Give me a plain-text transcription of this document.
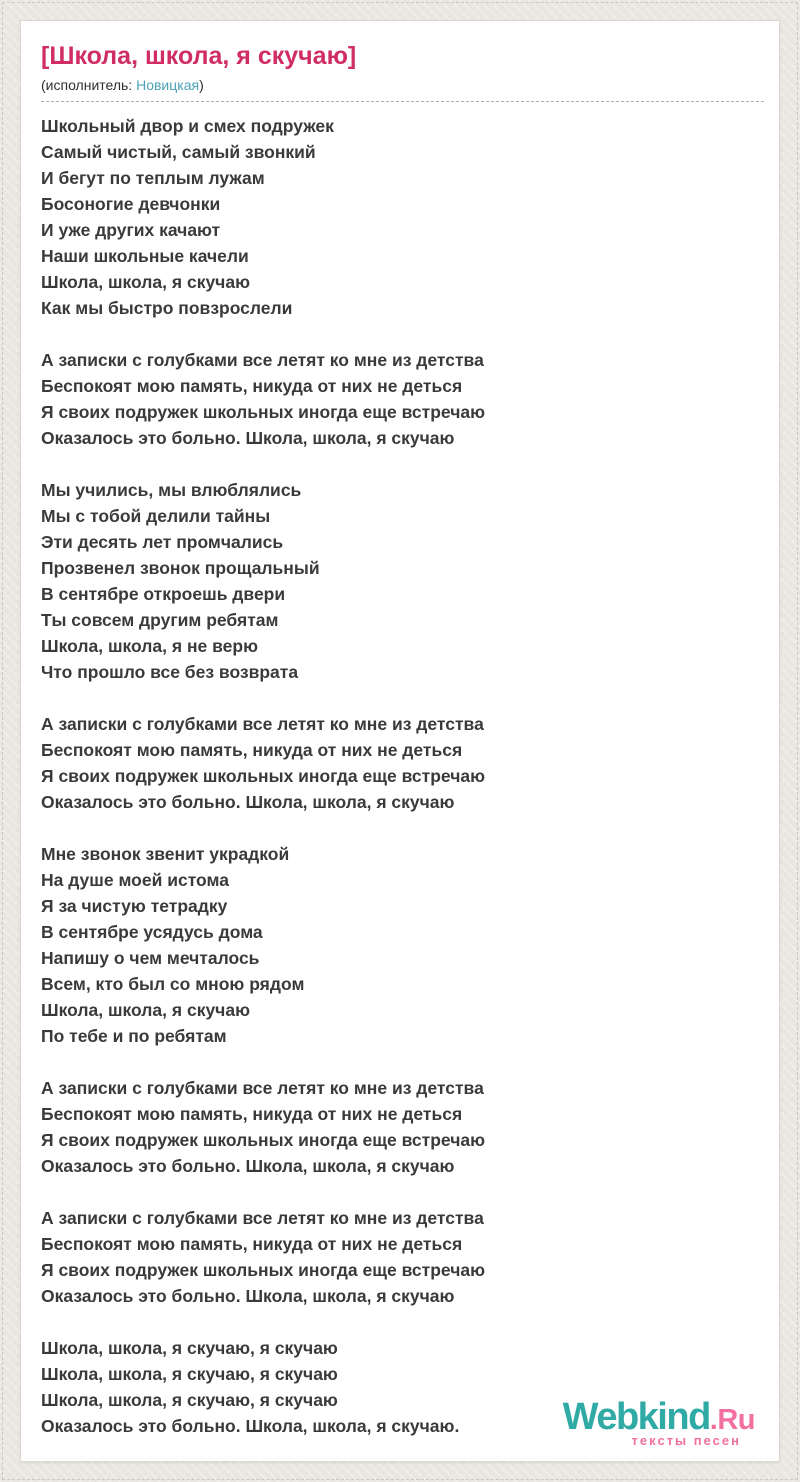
[Школа, школа, я скучаю]
(исполнитель: Новицкая)
Школьный двор и смех подружек
Самый чистый, самый звонкий
И бегут по теплым лужам
Босоногие девчонки
И уже других качают
Наши школьные качели
Школа, школа, я скучаю
Как мы быстро повзрослели
А записки с голубками все летят ко мне из детства
Беспокоят мою память, никуда от них не деться
Я своих подружек школьных иногда еще встречаю
Оказалось это больно. Школа, школа, я скучаю
Мы учились, мы влюблялись
Мы с тобой делили тайны
Эти десять лет промчались
Прозвенел звонок прощальный
В сентябре откроешь двери
Ты совсем другим ребятам
Школа, школа, я не верю
Что прошло все без возврата
А записки с голубками все летят ко мне из детства
Беспокоят мою память, никуда от них не деться
Я своих подружек школьных иногда еще встречаю
Оказалось это больно. Школа, школа, я скучаю
Мне звонок звенит украдкой
На душе моей истома
Я за чистую тетрадку
В сентябре усядусь дома
Напишу о чем мечталось
Всем, кто был со мною рядом
Школа, школа, я скучаю
По тебе и по ребятам
А записки с голубками все летят ко мне из детства
Беспокоят мою память, никуда от них не деться
Я своих подружек школьных иногда еще встречаю
Оказалось это больно. Школа, школа, я скучаю
А записки с голубками все летят ко мне из детства
Беспокоят мою память, никуда от них не деться
Я своих подружек школьных иногда еще встречаю
Оказалось это больно. Школа, школа, я скучаю
Школа, школа, я скучаю, я скучаю
Школа, школа, я скучаю, я скучаю
Школа, школа, я скучаю, я скучаю
Оказалось это больно. Школа, школа, я скучаю.	Webkind.Ru
тексты песен
